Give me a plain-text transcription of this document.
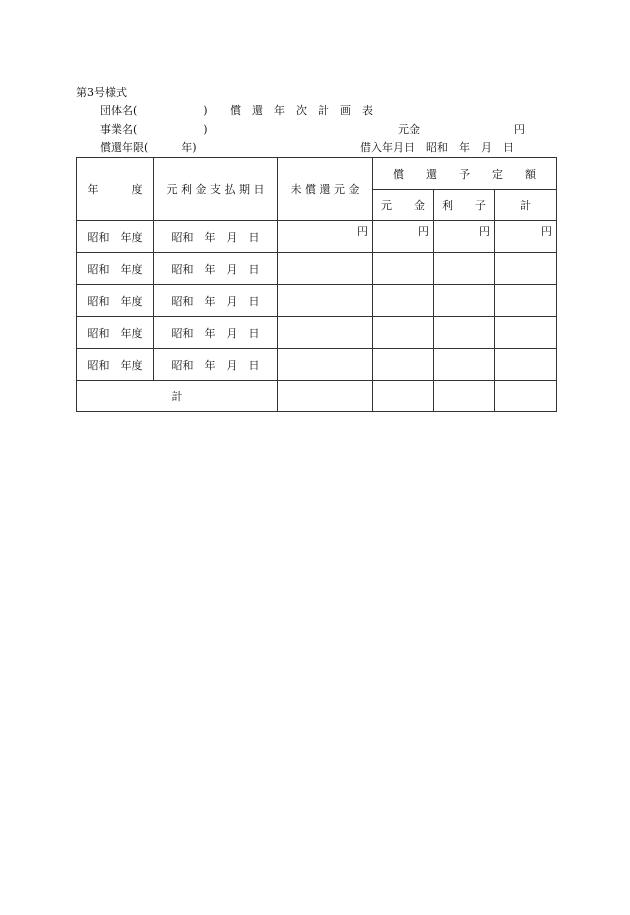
第3号様式
団体名(　　　　　　) 償　還　年　次　計　画　表
事業名(　　　　　　)	元金	円
償還年限(　　　年)	借入年月日　昭和　年　月　日
年　　　度	元 利 金 支 払 期 日	未 償 還 元 金	償　　還　　予　　定　　額		
			元　　金	利　　子	計
昭和　年度	昭和　年　月　日	円	円	円	円
昭和　年度	昭和　年　月　日				
昭和　年度	昭和　年　月　日				
昭和　年度	昭和　年　月　日				
昭和　年度	昭和　年　月　日				
計					
